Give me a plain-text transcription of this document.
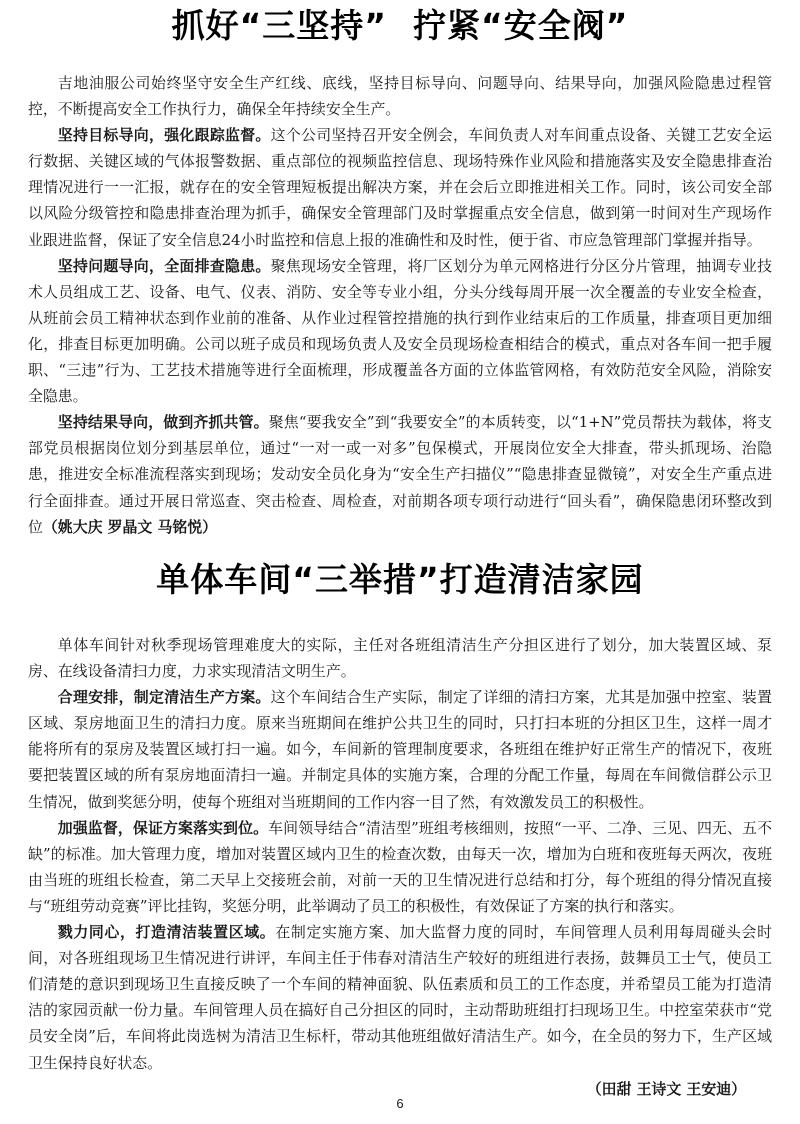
抓好“三坚持” 拧紧“安全阀”

吉地油服公司始终坚守安全生产红线、底线，坚持目标导向、问题导向、结果导向，加强风险隐患过程管控，不断提高安全工作执行力，确保全年持续安全生产。

坚持目标导向，强化跟踪监督。这个公司坚持召开安全例会，车间负责人对车间重点设备、关键工艺安全运行数据、关键区域的气体报警数据、重点部位的视频监控信息、现场特殊作业风险和措施落实及安全隐患排查治理情况进行一一汇报，就存在的安全管理短板提出解决方案，并在会后立即推进相关工作。同时，该公司安全部以风险分级管控和隐患排查治理为抓手，确保安全管理部门及时掌握重点安全信息，做到第一时间对生产现场作业跟进监督，保证了安全信息24小时监控和信息上报的准确性和及时性，便于省、市应急管理部门掌握并指导。

坚持问题导向，全面排查隐患。聚焦现场安全管理，将厂区划分为单元网格进行分区分片管理，抽调专业技术人员组成工艺、设备、电气、仪表、消防、安全等专业小组，分头分线每周开展一次全覆盖的专业安全检查，从班前会员工精神状态到作业前的准备、从作业过程管控措施的执行到作业结束后的工作质量，排查项目更加细化，排查目标更加明确。公司以班子成员和现场负责人及安全员现场检查相结合的模式，重点对各车间一把手履职、“三违”行为、工艺技术措施等进行全面梳理，形成覆盖各方面的立体监管网格，有效防范安全风险，消除安全隐患。

坚持结果导向，做到齐抓共管。聚焦“要我安全”到“我要安全”的本质转变，以“1+N”党员帮扶为载体，将支部党员根据岗位划分到基层单位，通过“一对一或一对多”包保模式，开展岗位安全大排查，带头抓现场、治隐患，推进安全标准流程落实到现场；发动安全员化身为“安全生产扫描仪”“隐患排查显微镜”，对安全生产重点进行全面排查。通过开展日常巡查、突击检查、周检查，对前期各项专项行动进行“回头看”，确保隐患闭环整改到位（姚大庆 罗晶文 马铭悦）

单体车间“三举措”打造清洁家园

单体车间针对秋季现场管理难度大的实际，主任对各班组清洁生产分担区进行了划分，加大装置区域、泵房、在线设备清扫力度，力求实现清洁文明生产。

合理安排，制定清洁生产方案。这个车间结合生产实际，制定了详细的清扫方案，尤其是加强中控室、装置区域、泵房地面卫生的清扫力度。原来当班期间在维护公共卫生的同时，只打扫本班的分担区卫生，这样一周才能将所有的泵房及装置区域打扫一遍。如今，车间新的管理制度要求，各班组在维护好正常生产的情况下，夜班要把装置区域的所有泵房地面清扫一遍。并制定具体的实施方案，合理的分配工作量，每周在车间微信群公示卫生情况，做到奖惩分明，使每个班组对当班期间的工作内容一目了然，有效激发员工的积极性。

加强监督，保证方案落实到位。车间领导结合“清洁型”班组考核细则，按照“一平、二净、三见、四无、五不缺”的标准。加大管理力度，增加对装置区域内卫生的检查次数，由每天一次，增加为白班和夜班每天两次，夜班由当班的班组长检查，第二天早上交接班会前，对前一天的卫生情况进行总结和打分，每个班组的得分情况直接与“班组劳动竞赛”评比挂钩，奖惩分明，此举调动了员工的积极性，有效保证了方案的执行和落实。

戮力同心，打造清洁装置区域。在制定实施方案、加大监督力度的同时，车间管理人员利用每周碰头会时间，对各班组现场卫生情况进行讲评，车间主任于伟春对清洁生产较好的班组进行表扬，鼓舞员工士气，使员工们清楚的意识到现场卫生直接反映了一个车间的精神面貌、队伍素质和员工的工作态度，并希望员工能为打造清洁的家园贡献一份力量。车间管理人员在搞好自己分担区的同时，主动帮助班组打扫现场卫生。中控室荣获市“党员安全岗”后，车间将此岗选树为清洁卫生标杆，带动其他班组做好清洁生产。如今，在全员的努力下，生产区域卫生保持良好状态。

（田甜 王诗文 王安迪）

6
